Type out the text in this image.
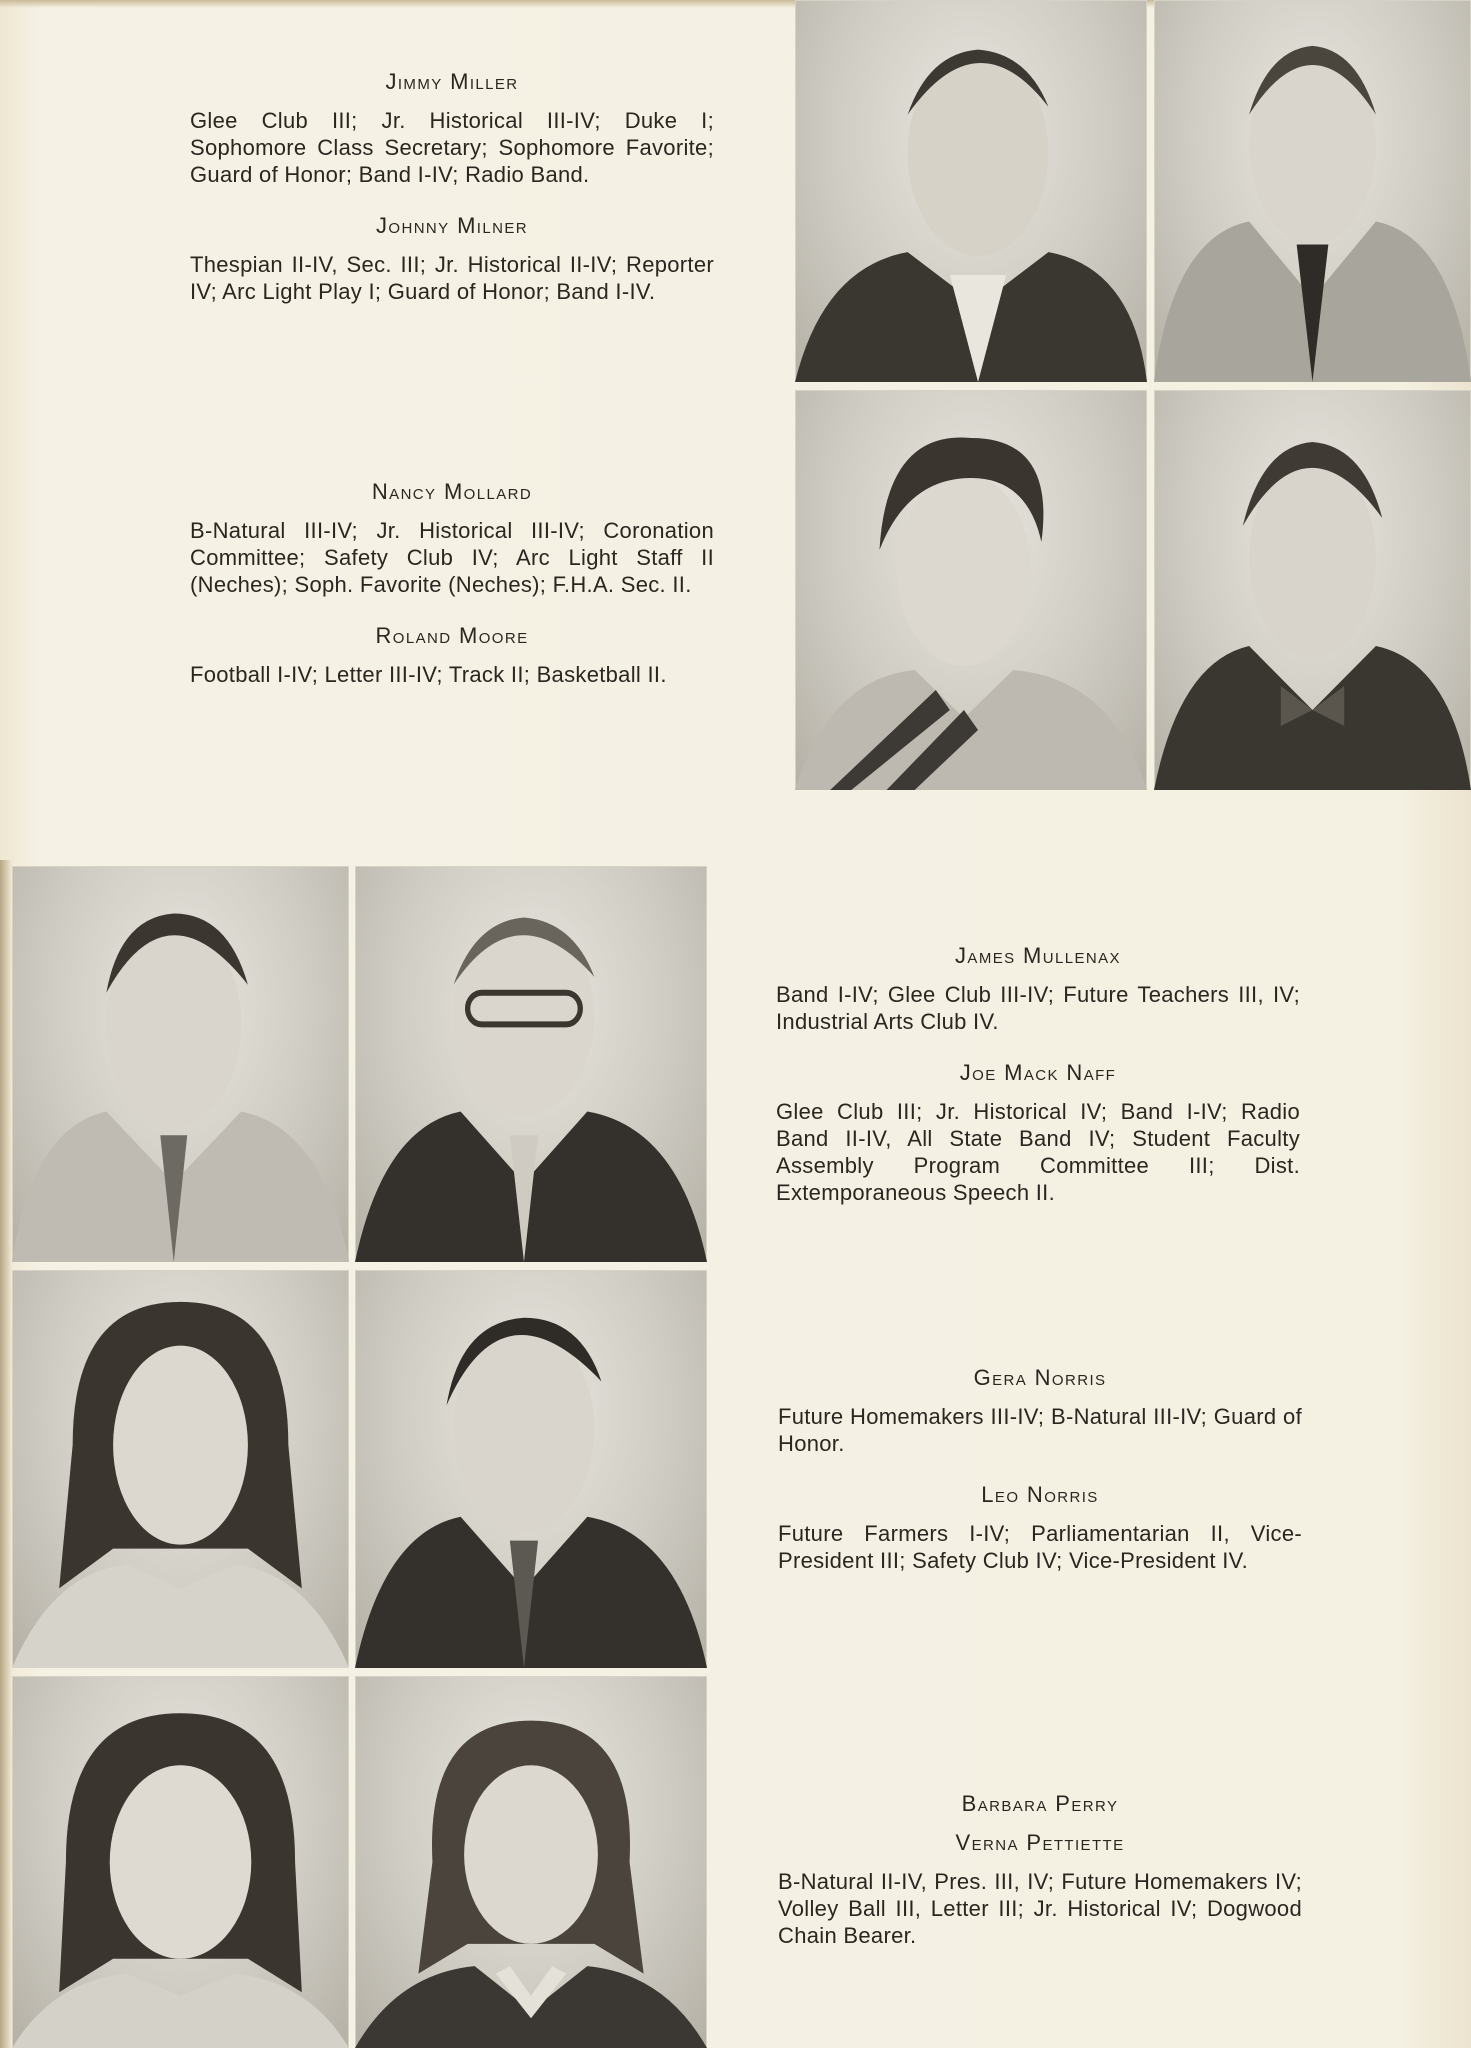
Jimmy Miller
Glee Club III; Jr. Historical III-IV; Duke I; Sophomore Class Secretary; Sophomore Favorite; Guard of Honor; Band I-IV; Radio Band.
Johnny Milner
Thespian II-IV, Sec. III; Jr. Historical II-IV; Reporter IV; Arc Light Play I; Guard of Honor; Band I-IV.
Nancy Mollard
B-Natural III-IV; Jr. Historical III-IV; Coronation Committee; Safety Club IV; Arc Light Staff II (Neches); Soph. Favorite (Neches); F.H.A. Sec. II.
Roland Moore
Football I-IV; Letter III-IV; Track II; Basketball II.
James Mullenax
Band I-IV; Glee Club III-IV; Future Teachers III, IV; Industrial Arts Club IV.
Joe Mack Naff
Glee Club III; Jr. Historical IV; Band I-IV; Radio Band II-IV, All State Band IV; Student Faculty Assembly Program Committee III; Dist. Extemporaneous Speech II.
Gera Norris
Future Homemakers III-IV; B-Natural III-IV; Guard of Honor.
Leo Norris
Future Farmers I-IV; Parliamentarian II, Vice-President III; Safety Club IV; Vice-President IV.
Barbara Perry
Verna Pettiette
B-Natural II-IV, Pres. III, IV; Future Homemakers IV; Volley Ball III, Letter III; Jr. Historical IV; Dogwood Chain Bearer.
